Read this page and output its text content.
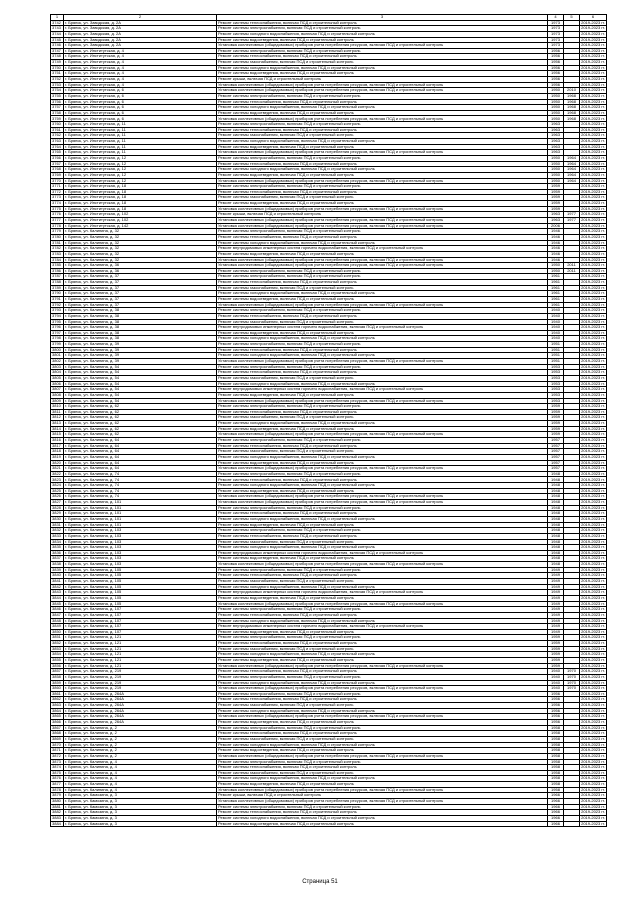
1	2	3	4	5	6
3742	г. Брянск, ул. Заводская, д. 2А	Ремонт системы теплоснабжения, включая ПСД и строительный контроль	1973		2019-2023 гг.
3743	г. Брянск, ул. Заводская, д. 2А	Ремонт системы электроснабжения, включая ПСД и строительный контроль	1973		2019-2023 гг.
3744	г. Брянск, ул. Заводская, д. 2А	Ремонт системы холодного водоснабжения, включая ПСД и строительный контроль	1973		2019-2023 гг.
3745	г. Брянск, ул. Заводская, д. 2А	Ремонт системы водоотведения, включая ПСД и строительный контроль	1973		2019-2023 гг.
3746	г. Брянск, ул. Заводская, д. 2А	Установка коллективных (общедомовых) приборов учета потребления ресурсов, включая ПСД и строительный контроль	1973		2019-2023 гг.
3747	г. Брянск, ул. Институтская, д. 4	Ремонт системы электроснабжения, включая ПСД и строительный контроль	1956		2019-2023 гг.
3748	г. Брянск, ул. Институтская, д. 4	Ремонт системы теплоснабжения, включая ПСД и строительный контроль	1956		2019-2023 гг.
3749	г. Брянск, ул. Институтская, д. 4	Ремонт системы газоснабжения, включая ПСД и строительный контроль	1956		2019-2023 гг.
3750	г. Брянск, ул. Институтская, д. 4	Ремонт системы холодного водоснабжения, включая ПСД и строительный контроль	1956		2019-2023 гг.
3751	г. Брянск, ул. Институтская, д. 4	Ремонт системы водоотведения, включая ПСД и строительный контроль	1956		2019-2023 гг.
3752	г. Брянск, ул. Институтская, д. 4	Ремонт крыши, включая ПСД и строительный контроль	1956		2019-2023 гг.
3753	г. Брянск, ул. Институтская, д. 4	Установка коллективных (общедомовых) приборов учета потребления ресурсов, включая ПСД и строительный контроль	1956		2019-2023 гг.
3754	г. Брянск, ул. Институтская, д. 6	Установка коллективных (общедомовых) приборов учета потребления ресурсов, включая ПСД и строительный контроль	1950	2010	2019-2023 гг.
3755	г. Брянск, ул. Институтская, д. 6	Ремонт системы электроснабжения, включая ПСД и строительный контроль	1950	1968	2019-2023 гг.
3756	г. Брянск, ул. Институтская, д. 6	Ремонт системы теплоснабжения, включая ПСД и строительный контроль	1950	1968	2019-2023 гг.
3757	г. Брянск, ул. Институтская, д. 6	Ремонт системы холодного водоснабжения, включая ПСД и строительный контроль	1950	1968	2019-2023 гг.
3758	г. Брянск, ул. Институтская, д. 6	Ремонт системы водоотведения, включая ПСД и строительный контроль	1950	1968	2019-2023 гг.
3759	г. Брянск, ул. Институтская, д. 6	Установка коллективных (общедомовых) приборов учета потребления ресурсов, включая ПСД и строительный контроль	1950	1968	2019-2023 гг.
3760	г. Брянск, ул. Институтская, д. 11	Ремонт системы электроснабжения, включая ПСД и строительный контроль	1963		2019-2023 гг.
3761	г. Брянск, ул. Институтская, д. 11	Ремонт системы теплоснабжения, включая ПСД и строительный контроль	1963		2019-2023 гг.
3762	г. Брянск, ул. Институтская, д. 11	Ремонт системы газоснабжения, включая ПСД и строительный контроль	1963		2019-2023 гг.
3763	г. Брянск, ул. Институтская, д. 11	Ремонт системы холодного водоснабжения, включая ПСД и строительный контроль	1963		2019-2023 гг.
3764	г. Брянск, ул. Институтская, д. 11	Ремонт системы водоотведения, включая ПСД и строительный контроль	1963		2019-2023 гг.
3765	г. Брянск, ул. Институтская, д. 11	Установка коллективных (общедомовых) приборов учета потребления ресурсов, включая ПСД и строительный контроль	1963		2019-2023 гг.
3766	г. Брянск, ул. Институтская, д. 12	Ремонт системы электроснабжения, включая ПСД и строительный контроль	1950	1964	2019-2023 гг.
3767	г. Брянск, ул. Институтская, д. 12	Ремонт системы теплоснабжения, включая ПСД и строительный контроль	1950	1964	2019-2023 гг.
3768	г. Брянск, ул. Институтская, д. 12	Ремонт системы холодного водоснабжения, включая ПСД и строительный контроль	1950	1964	2019-2023 гг.
3769	г. Брянск, ул. Институтская, д. 12	Ремонт системы водоотведения, включая ПСД и строительный контроль	1950	1964	2019-2023 гг.
3770	г. Брянск, ул. Институтская, д. 12	Установка коллективных (общедомовых) приборов учета потребления ресурсов, включая ПСД и строительный контроль	1950	1964	2019-2023 гг.
3771	г. Брянск, ул. Институтская, д. 18	Ремонт системы электроснабжения, включая ПСД и строительный контроль	1959		2019-2023 гг.
3772	г. Брянск, ул. Институтская, д. 18	Ремонт системы теплоснабжения, включая ПСД и строительный контроль	1959		2019-2023 гг.
3773	г. Брянск, ул. Институтская, д. 18	Ремонт системы газоснабжения, включая ПСД и строительный контроль	1959		2019-2023 гг.
3774	г. Брянск, ул. Институтская, д. 18	Ремонт системы водоотведения, включая ПСД и строительный контроль	1959		2019-2023 гг.
3775	г. Брянск, ул. Институтская, д. 18	Установка коллективных (общедомовых) приборов учета потребления ресурсов, включая ПСД и строительный контроль	1959		2019-2023 гг.
3776	г. Брянск, ул. Институтская, д. 102	Ремонт крыши, включая ПСД и строительный контроль	1963	1977	2019-2023 гг.
3777	г. Брянск, ул. Институтская, д. 102	Установка коллективных (общедомовых) приборов учета потребления ресурсов, включая ПСД и строительный контроль	1963	1977	2019-2023 гг.
3778	г. Брянск, ул. Институтская, д. 142	Установка коллективных (общедомовых) приборов учета потребления ресурсов, включая ПСД и строительный контроль	2006		2019-2023 гг.
3779	г. Брянск, ул. Калинина, д. 32	Ремонт системы электроснабжения, включая ПСД и строительный контроль	1946		2019-2023 гг.
3780	г. Брянск, ул. Калинина, д. 32	Ремонт системы теплоснабжения, включая ПСД и строительный контроль	1946		2019-2023 гг.
3781	г. Брянск, ул. Калинина, д. 32	Ремонт системы холодного водоснабжения, включая ПСД и строительный контроль	1946		2019-2023 гг.
3782	г. Брянск, ул. Калинина, д. 32	Ремонт внутридомовых инженерных систем горячего водоснабжения, включая ПСД и строительный контроль	1946		2019-2023 гг.
3783	г. Брянск, ул. Калинина, д. 32	Ремонт системы водоотведения, включая ПСД и строительный контроль	1946		2019-2023 гг.
3784	г. Брянск, ул. Калинина, д. 32	Установка коллективных (общедомовых) приборов учета потребления ресурсов, включая ПСД и строительный контроль	1946		2019-2023 гг.
3785	г. Брянск, ул. Калинина, д. 36	Установка коллективных (общедомовых) приборов учета потребления ресурсов, включая ПСД и строительный контроль	1950	2011	2019-2023 гг.
3786	г. Брянск, ул. Калинина, д. 36	Ремонт системы электроснабжения, включая ПСД и строительный контроль	1950	2011	2019-2023 гг.
3787	г. Брянск, ул. Калинина, д. 37	Ремонт системы электроснабжения, включая ПСД и строительный контроль	1961		2019-2023 гг.
3788	г. Брянск, ул. Калинина, д. 37	Ремонт системы теплоснабжения, включая ПСД и строительный контроль	1961		2019-2023 гг.
3789	г. Брянск, ул. Калинина, д. 37	Ремонт системы газоснабжения, включая ПСД и строительный контроль	1961		2019-2023 гг.
3790	г. Брянск, ул. Калинина, д. 37	Ремонт системы холодного водоснабжения, включая ПСД и строительный контроль	1961		2019-2023 гг.
3791	г. Брянск, ул. Калинина, д. 37	Ремонт системы водоотведения, включая ПСД и строительный контроль	1961		2019-2023 гг.
3792	г. Брянск, ул. Калинина, д. 37	Установка коллективных (общедомовых) приборов учета потребления ресурсов, включая ПСД и строительный контроль	1961		2019-2023 гг.
3793	г. Брянск, ул. Калинина, д. 38	Ремонт системы электроснабжения, включая ПСД и строительный контроль	1940		2019-2023 гг.
3794	г. Брянск, ул. Калинина, д. 38	Ремонт системы теплоснабжения, включая ПСД и строительный контроль	1940		2019-2023 гг.
3795	г. Брянск, ул. Калинина, д. 38	Ремонт системы газоснабжения, включая ПСД и строительный контроль	1940		2019-2023 гг.
3796	г. Брянск, ул. Калинина, д. 38	Ремонт внутридомовых инженерных систем горячего водоснабжения, включая ПСД и строительный контроль	1940		2019-2023 гг.
3797	г. Брянск, ул. Калинина, д. 38	Ремонт системы водоотведения, включая ПСД и строительный контроль	1940		2019-2023 гг.
3798	г. Брянск, ул. Калинина, д. 38	Ремонт системы холодного водоснабжения, включая ПСД и строительный контроль	1940		2019-2023 гг.
3799	г. Брянск, ул. Калинина, д. 39	Ремонт системы электроснабжения, включая ПСД и строительный контроль	1951		2019-2023 гг.
3800	г. Брянск, ул. Калинина, д. 39	Ремонт системы теплоснабжения, включая ПСД и строительный контроль	1951		2019-2023 гг.
3801	г. Брянск, ул. Калинина, д. 39	Ремонт системы холодного водоснабжения, включая ПСД и строительный контроль	1951		2019-2023 гг.
3802	г. Брянск, ул. Калинина, д. 39	Установка коллективных (общедомовых) приборов учета потребления ресурсов, включая ПСД и строительный контроль	1951		2019-2023 гг.
3803	г. Брянск, ул. Калинина, д. 54	Ремонт системы электроснабжения, включая ПСД и строительный контроль	1953		2019-2023 гг.
3804	г. Брянск, ул. Калинина, д. 54	Ремонт системы теплоснабжения, включая ПСД и строительный контроль	1953		2019-2023 гг.
3805	г. Брянск, ул. Калинина, д. 54	Ремонт системы газоснабжения, включая ПСД и строительный контроль	1953		2019-2023 гг.
3806	г. Брянск, ул. Калинина, д. 54	Ремонт системы холодного водоснабжения, включая ПСД и строительный контроль	1953		2019-2023 гг.
3807	г. Брянск, ул. Калинина, д. 54	Ремонт внутридомовых инженерных систем горячего водоснабжения, включая ПСД и строительный контроль	1953		2019-2023 гг.
3808	г. Брянск, ул. Калинина, д. 54	Ремонт системы водоотведения, включая ПСД и строительный контроль	1953		2019-2023 гг.
3809	г. Брянск, ул. Калинина, д. 54	Установка коллективных (общедомовых) приборов учета потребления ресурсов, включая ПСД и строительный контроль	1953		2019-2023 гг.
3810	г. Брянск, ул. Калинина, д. 62	Ремонт системы электроснабжения, включая ПСД и строительный контроль	1959		2019-2023 гг.
3811	г. Брянск, ул. Калинина, д. 62	Ремонт системы теплоснабжения, включая ПСД и строительный контроль	1959		2019-2023 гг.
3812	г. Брянск, ул. Калинина, д. 62	Ремонт системы газоснабжения, включая ПСД и строительный контроль	1959		2019-2023 гг.
3813	г. Брянск, ул. Калинина, д. 62	Ремонт системы холодного водоснабжения, включая ПСД и строительный контроль	1959		2019-2023 гг.
3814	г. Брянск, ул. Калинина, д. 62	Ремонт системы водоотведения, включая ПСД и строительный контроль	1959		2019-2023 гг.
3815	г. Брянск, ул. Калинина, д. 62	Установка коллективных (общедомовых) приборов учета потребления ресурсов, включая ПСД и строительный контроль	1959		2019-2023 гг.
3816	г. Брянск, ул. Калинина, д. 64	Ремонт системы электроснабжения, включая ПСД и строительный контроль	1957		2019-2023 гг.
3817	г. Брянск, ул. Калинина, д. 64	Ремонт системы теплоснабжения, включая ПСД и строительный контроль	1957		2019-2023 гг.
3818	г. Брянск, ул. Калинина, д. 64	Ремонт системы газоснабжения, включая ПСД и строительный контроль	1957		2019-2023 гг.
3819	г. Брянск, ул. Калинина, д. 64	Ремонт системы холодного водоснабжения, включая ПСД и строительный контроль	1957		2019-2023 гг.
3820	г. Брянск, ул. Калинина, д. 64	Ремонт системы водоотведения, включая ПСД и строительный контроль	1957		2019-2023 гг.
3821	г. Брянск, ул. Калинина, д. 64	Установка коллективных (общедомовых) приборов учета потребления ресурсов, включая ПСД и строительный контроль	1957		2019-2023 гг.
3822	г. Брянск, ул. Калинина, д. 74	Ремонт системы электроснабжения, включая ПСД и строительный контроль	1948		2019-2023 гг.
3823	г. Брянск, ул. Калинина, д. 74	Ремонт системы теплоснабжения, включая ПСД и строительный контроль	1948		2019-2023 гг.
3824	г. Брянск, ул. Калинина, д. 74	Ремонт системы холодного водоснабжения, включая ПСД и строительный контроль	1948		2019-2023 гг.
3825	г. Брянск, ул. Калинина, д. 74	Ремонт системы водоотведения, включая ПСД и строительный контроль	1948		2019-2023 гг.
3826	г. Брянск, ул. Калинина, д. 74	Установка коллективных (общедомовых) приборов учета потребления ресурсов, включая ПСД и строительный контроль	1948		2019-2023 гг.
3827	г. Брянск, ул. Калинина, д. 101	Установка коллективных (общедомовых) приборов учета потребления ресурсов, включая ПСД и строительный контроль	1948		2019-2023 гг.
3828	г. Брянск, ул. Калинина, д. 101	Ремонт системы электроснабжения, включая ПСД и строительный контроль	1948		2019-2023 гг.
3829	г. Брянск, ул. Калинина, д. 101	Ремонт системы теплоснабжения, включая ПСД и строительный контроль	1948		2019-2023 гг.
3830	г. Брянск, ул. Калинина, д. 101	Ремонт системы холодного водоснабжения, включая ПСД и строительный контроль	1948		2019-2023 гг.
3831	г. Брянск, ул. Калинина, д. 101	Ремонт системы водоотведения, включая ПСД и строительный контроль	1948		2019-2023 гг.
3832	г. Брянск, ул. Калинина, д. 103	Ремонт системы электроснабжения, включая ПСД и строительный контроль	1948		2019-2023 гг.
3833	г. Брянск, ул. Калинина, д. 103	Ремонт системы теплоснабжения, включая ПСД и строительный контроль	1948		2019-2023 гг.
3834	г. Брянск, ул. Калинина, д. 103	Ремонт системы газоснабжения, включая ПСД и строительный контроль	1948		2019-2023 гг.
3835	г. Брянск, ул. Калинина, д. 103	Ремонт системы холодного водоснабжения, включая ПСД и строительный контроль	1948		2019-2023 гг.
3836	г. Брянск, ул. Калинина, д. 103	Ремонт внутридомовых инженерных систем горячего водоснабжения, включая ПСД и строительный контроль	1948		2019-2023 гг.
3837	г. Брянск, ул. Калинина, д. 103	Ремонт системы водоотведения, включая ПСД и строительный контроль	1948		2019-2023 гг.
3838	г. Брянск, ул. Калинина, д. 103	Установка коллективных (общедомовых) приборов учета потребления ресурсов, включая ПСД и строительный контроль	1948		2019-2023 гг.
3839	г. Брянск, ул. Калинина, д. 105	Ремонт системы электроснабжения, включая ПСД и строительный контроль	1949		2019-2023 гг.
3840	г. Брянск, ул. Калинина, д. 105	Ремонт системы теплоснабжения, включая ПСД и строительный контроль	1949		2019-2023 гг.
3841	г. Брянск, ул. Калинина, д. 105	Ремонт системы газоснабжения, включая ПСД и строительный контроль	1949		2019-2023 гг.
3842	г. Брянск, ул. Калинина, д. 105	Ремонт системы холодного водоснабжения, включая ПСД и строительный контроль	1949		2019-2023 гг.
3843	г. Брянск, ул. Калинина, д. 105	Ремонт внутридомовых инженерных систем горячего водоснабжения, включая ПСД и строительный контроль	1949		2019-2023 гг.
3844	г. Брянск, ул. Калинина, д. 105	Ремонт системы водоотведения, включая ПСД и строительный контроль	1949		2019-2023 гг.
3845	г. Брянск, ул. Калинина, д. 105	Установка коллективных (общедомовых) приборов учета потребления ресурсов, включая ПСД и строительный контроль	1949		2019-2023 гг.
3846	г. Брянск, ул. Калинина, д. 107	Ремонт системы электроснабжения, включая ПСД и строительный контроль	1949		2019-2023 гг.
3847	г. Брянск, ул. Калинина, д. 107	Ремонт системы теплоснабжения, включая ПСД и строительный контроль	1949		2019-2023 гг.
3848	г. Брянск, ул. Калинина, д. 107	Ремонт системы холодного водоснабжения, включая ПСД и строительный контроль	1949		2019-2023 гг.
3849	г. Брянск, ул. Калинина, д. 107	Ремонт внутридомовых инженерных систем горячего водоснабжения, включая ПСД и строительный контроль	1949		2019-2023 гг.
3850	г. Брянск, ул. Калинина, д. 107	Ремонт системы водоотведения, включая ПСД и строительный контроль	1949		2019-2023 гг.
3851	г. Брянск, ул. Калинина, д. 121	Ремонт системы электроснабжения, включая ПСД и строительный контроль	1959		2019-2023 гг.
3852	г. Брянск, ул. Калинина, д. 121	Ремонт системы теплоснабжения, включая ПСД и строительный контроль	1959		2019-2023 гг.
3853	г. Брянск, ул. Калинина, д. 121	Ремонт системы газоснабжения, включая ПСД и строительный контроль	1959		2019-2023 гг.
3854	г. Брянск, ул. Калинина, д. 121	Ремонт системы холодного водоснабжения, включая ПСД и строительный контроль	1959		2019-2023 гг.
3855	г. Брянск, ул. Калинина, д. 121	Ремонт системы водоотведения, включая ПСД и строительный контроль	1959		2019-2023 гг.
3856	г. Брянск, ул. Калинина, д. 121	Установка коллективных (общедомовых) приборов учета потребления ресурсов, включая ПСД и строительный контроль	1959		2019-2023 гг.
3857	г. Брянск, ул. Калинина, д. 219	Ремонт системы теплоснабжения, включая ПСД и строительный контроль	1940	1970	2019-2023 гг.
3858	г. Брянск, ул. Калинина, д. 219	Ремонт системы электроснабжения, включая ПСД и строительный контроль	1940	1970	2019-2023 гг.
3859	г. Брянск, ул. Калинина, д. 219	Ремонт системы холодного водоснабжения, включая ПСД и строительный контроль	1940	1970	2019-2023 гг.
3860	г. Брянск, ул. Калинина, д. 219	Установка коллективных (общедомовых) приборов учета потребления ресурсов, включая ПСД и строительный контроль	1940	1970	2019-2023 гг.
3861	г. Брянск, ул. Калинина, д. 264А	Ремонт системы электроснабжения, включая ПСД и строительный контроль	1956		2019-2023 гг.
3862	г. Брянск, ул. Калинина, д. 264А	Ремонт системы теплоснабжения, включая ПСД и строительный контроль	1956		2019-2023 гг.
3863	г. Брянск, ул. Калинина, д. 264А	Ремонт системы газоснабжения, включая ПСД и строительный контроль	1956		2019-2023 гг.
3864	г. Брянск, ул. Калинина, д. 264А	Ремонт системы холодного водоснабжения, включая ПСД и строительный контроль	1956		2019-2023 гг.
3865	г. Брянск, ул. Калинина, д. 264А	Установка коллективных (общедомовых) приборов учета потребления ресурсов, включая ПСД и строительный контроль	1956		2019-2023 гг.
3866	г. Брянск, ул. Калинина, д. 264А	Ремонт системы водоотведения, включая ПСД и строительный контроль	1956		2019-2023 гг.
3867	г. Брянск, ул. Калинина, д. 2	Ремонт системы электроснабжения, включая ПСД и строительный контроль	1958		2019-2023 гг.
3868	г. Брянск, ул. Калинина, д. 2	Ремонт системы теплоснабжения, включая ПСД и строительный контроль	1958		2019-2023 гг.
3869	г. Брянск, ул. Калинина, д. 2	Ремонт системы газоснабжения, включая ПСД и строительный контроль	1958		2019-2023 гг.
3870	г. Брянск, ул. Калинина, д. 2	Ремонт системы холодного водоснабжения, включая ПСД и строительный контроль	1958		2019-2023 гг.
3871	г. Брянск, ул. Калинина, д. 2	Ремонт системы водоотведения, включая ПСД и строительный контроль	1958		2019-2023 гг.
3872	г. Брянск, ул. Калинина, д. 2	Установка коллективных (общедомовых) приборов учета потребления ресурсов, включая ПСД и строительный контроль	1958		2019-2023 гг.
3873	г. Брянск, ул. Калинина, д. 4	Ремонт системы электроснабжения, включая ПСД и строительный контроль	1958		2019-2023 гг.
3874	г. Брянск, ул. Калинина, д. 4	Ремонт системы теплоснабжения, включая ПСД и строительный контроль	1958		2019-2023 гг.
3875	г. Брянск, ул. Калинина, д. 4	Ремонт системы газоснабжения, включая ПСД и строительный контроль	1958		2019-2023 гг.
3876	г. Брянск, ул. Калинина, д. 4	Ремонт системы холодного водоснабжения, включая ПСД и строительный контроль	1958		2019-2023 гг.
3877	г. Брянск, ул. Калинина, д. 4	Ремонт системы водоотведения, включая ПСД и строительный контроль	1958		2019-2023 гг.
3878	г. Брянск, ул. Калинина, д. 4	Установка коллективных (общедомовых) приборов учета потребления ресурсов, включая ПСД и строительный контроль	1958		2019-2023 гг.
3879	г. Брянск, ул. Камозина, д. 3	Ремонт крыши, включая ПСД и строительный контроль	1966		2019-2023 гг.
3880	г. Брянск, ул. Камозина, д. 3	Установка коллективных (общедомовых) приборов учета потребления ресурсов, включая ПСД и строительный контроль	1966		2019-2023 гг.
3881	г. Брянск, ул. Камозина, д. 3	Ремонт системы электроснабжения, включая ПСД и строительный контроль	1966		2019-2023 гг.
3882	г. Брянск, ул. Камозина, д. 3	Ремонт системы теплоснабжения, включая ПСД и строительный контроль	1966		2019-2023 гг.
3883	г. Брянск, ул. Камозина, д. 3	Ремонт системы холодного водоснабжения, включая ПСД и строительный контроль	1966		2019-2023 гг.
3884	г. Брянск, ул. Камозина, д. 3	Ремонт системы водоотведения, включая ПСД и строительный контроль	1966		2019-2023 гг.
Страница 51
